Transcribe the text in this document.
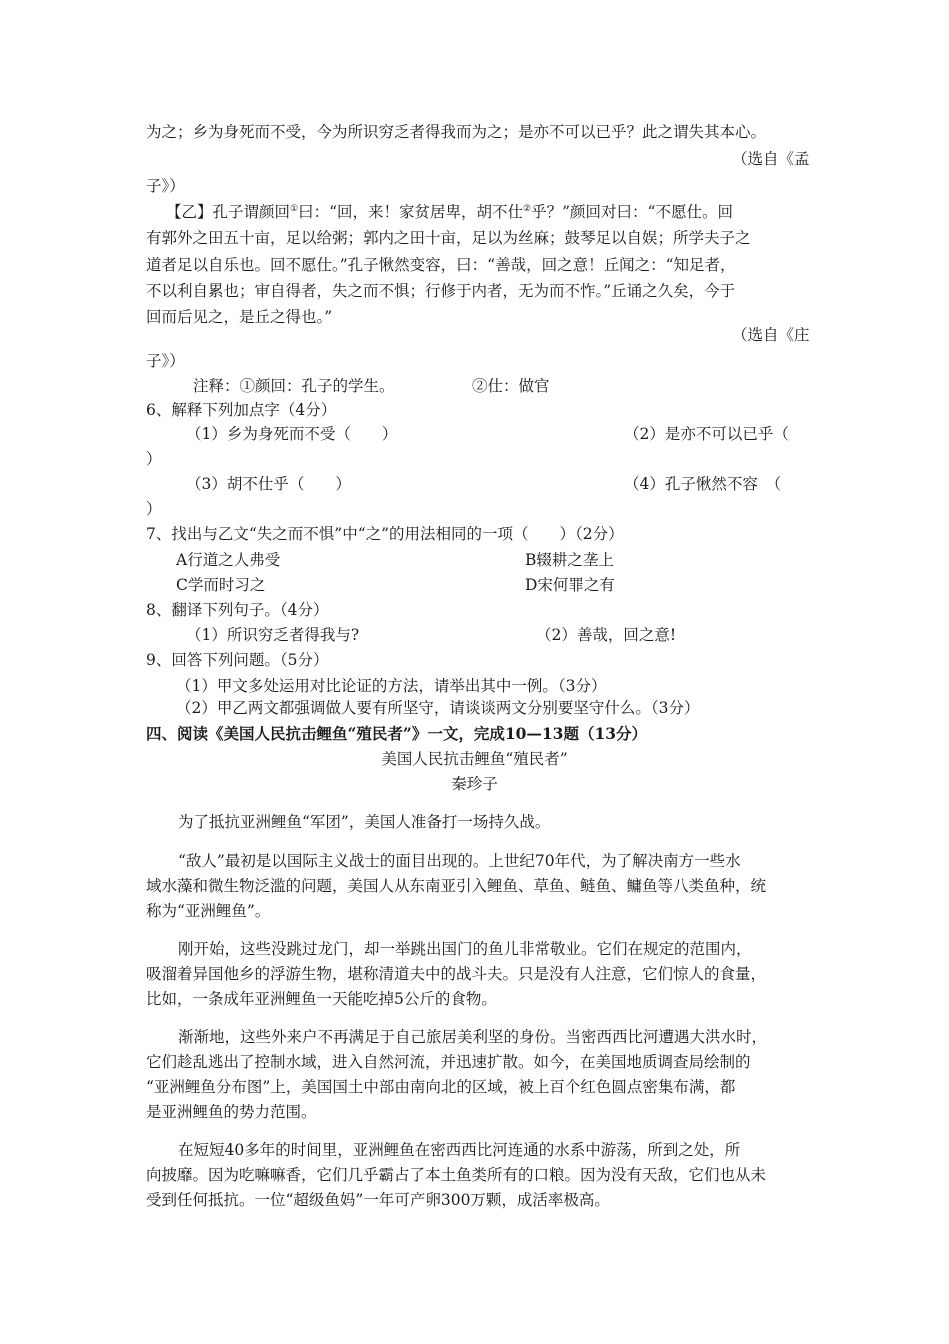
为之；乡为身死而不受，今为所识穷乏者得我而为之；是亦不可以已乎？此之谓失其本心。
（选自《孟
子》）
【乙】孔子谓颜回①曰：“回，来！家贫居卑，胡不仕②乎？”颜回对曰：“不愿仕。回
有郭外之田五十亩，足以给粥；郭内之田十亩，足以为丝麻；鼓琴足以自娱；所学夫子之
道者足以自乐也。回不愿仕。”孔子愀然变容，曰：“善哉，回之意！丘闻之：“知足者，
不以利自累也；审自得者，失之而不惧；行修于内者，无为而不怍。”丘诵之久矣，今于
回而后见之，是丘之得也。”
（选自《庄
子》）
注释：①颜回：孔子的学生。	②仕：做官
6、解释下列加点字（4分）
（1）乡为身死而不受（　　）	（2）是亦不可以已乎（
）
（3）胡不仕乎（　　）	（4）孔子愀然不容　（
）
7、找出与乙文“失之而不惧”中“之”的用法相同的一项（　　）（2分）
A行道之人弗受	B辍耕之垄上
C学而时习之	D宋何罪之有
8、翻译下列句子。（4分）
（1）所识穷乏者得我与?	（2）善哉，回之意!
9、回答下列问题。（5分）
（1）甲文多处运用对比论证的方法，请举出其中一例。（3分）
（2）甲乙两文都强调做人要有所坚守，请谈谈两文分别要坚守什么。（3分）
四、阅读《美国人民抗击鲤鱼“殖民者”》一文，完成10—13题（13分）
美国人民抗击鲤鱼“殖民者”
秦珍子
为了抵抗亚洲鲤鱼“军团”，美国人准备打一场持久战。
“敌人”最初是以国际主义战士的面目出现的。上世纪70年代，为了解决南方一些水
域水藻和微生物泛滥的问题，美国人从东南亚引入鲤鱼、草鱼、鲢鱼、鳙鱼等八类鱼种，统
称为“亚洲鲤鱼”。
刚开始，这些没跳过龙门，却一举跳出国门的鱼儿非常敬业。它们在规定的范围内，
吸溜着异国他乡的浮游生物，堪称清道夫中的战斗夫。只是没有人注意，它们惊人的食量，
比如，一条成年亚洲鲤鱼一天能吃掉5公斤的食物。
渐渐地，这些外来户不再满足于自己旅居美利坚的身份。当密西西比河遭遇大洪水时，
它们趁乱逃出了控制水域，进入自然河流，并迅速扩散。如今，在美国地质调查局绘制的
“亚洲鲤鱼分布图”上，美国国土中部由南向北的区域，被上百个红色圆点密集布满，都
是亚洲鲤鱼的势力范围。
在短短40多年的时间里，亚洲鲤鱼在密西西比河连通的水系中游荡，所到之处，所
向披靡。因为吃嘛嘛香，它们几乎霸占了本土鱼类所有的口粮。因为没有天敌，它们也从未
受到任何抵抗。一位“超级鱼妈”一年可产卵300万颗，成活率极高。
